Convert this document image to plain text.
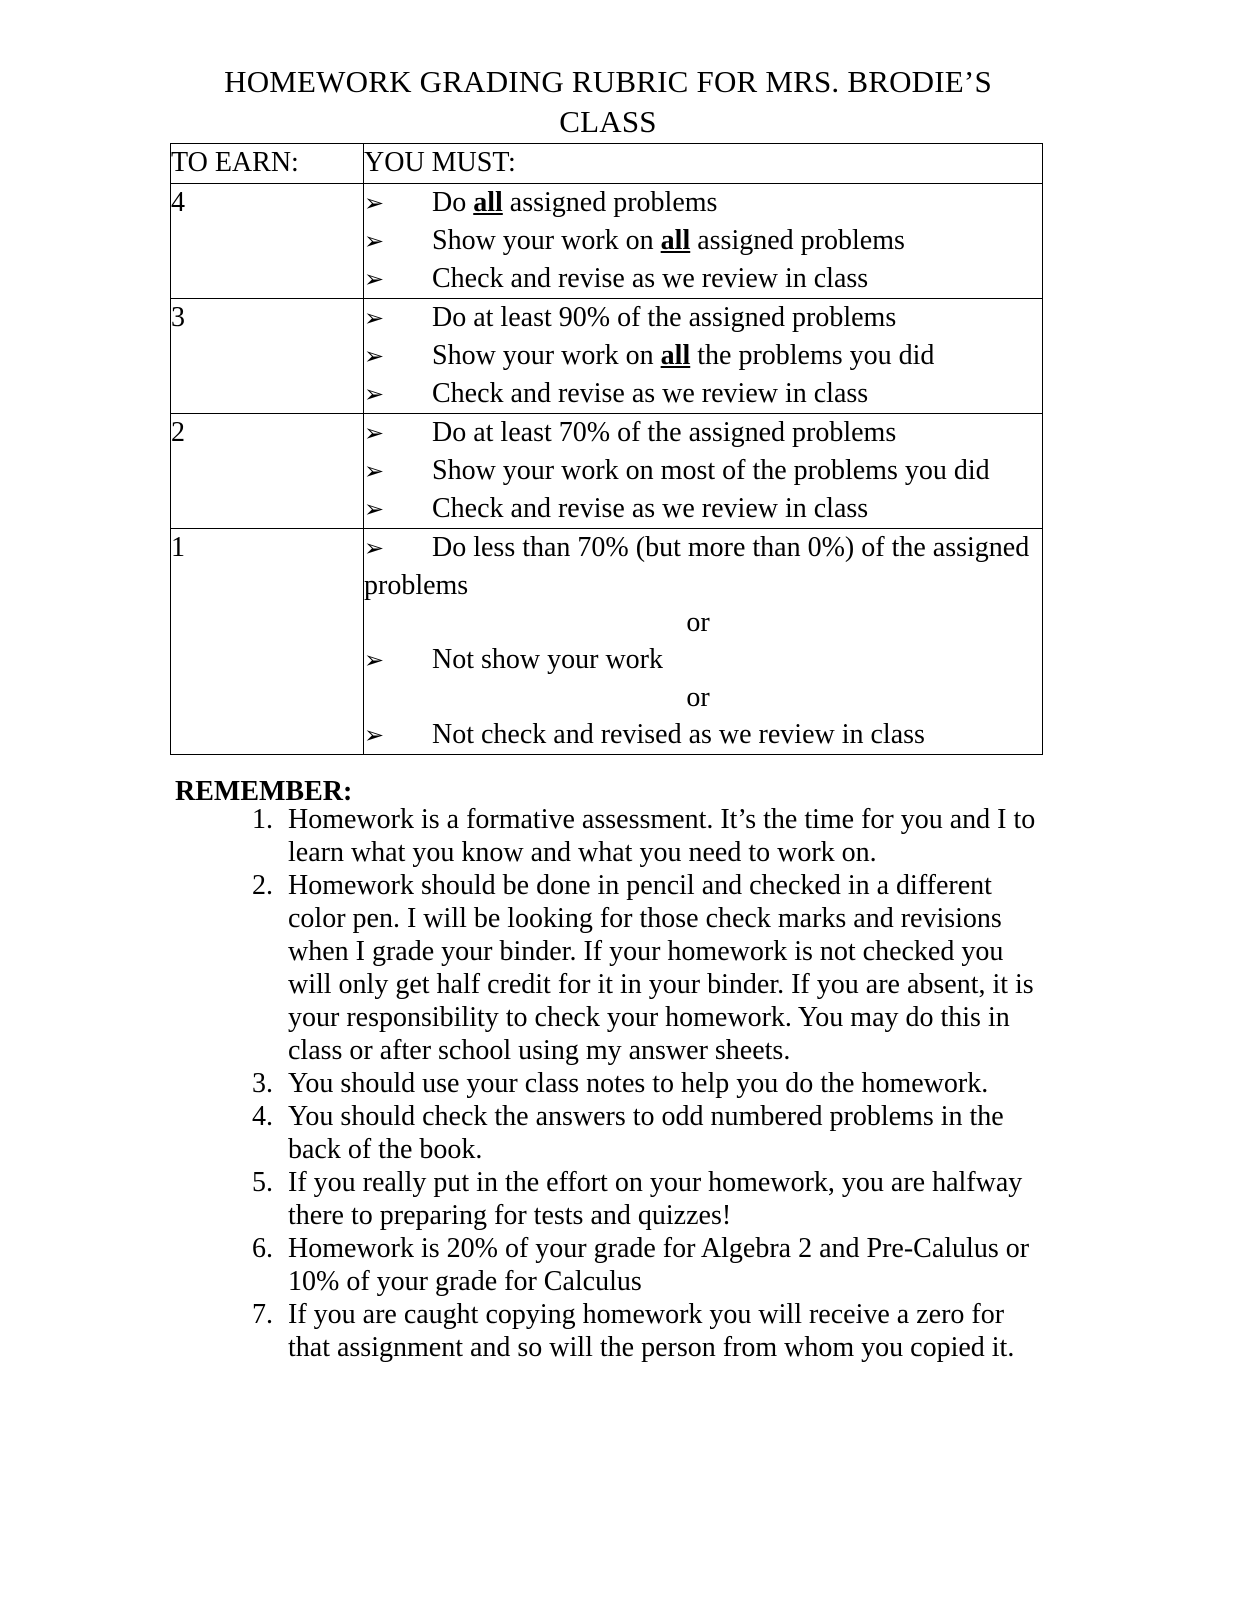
HOMEWORK GRADING RUBRIC FOR MRS. BRODIE’S
CLASS
TO EARN:	YOU MUST:
4	➢ Do all assigned problems
➢ Show your work on all assigned problems
➢ Check and revise as we review in class

3	➢ Do at least 90% of the assigned problems
➢ Show your work on all the problems you did
➢ Check and revise as we review in class

2	➢ Do at least 70% of the assigned problems
➢ Show your work on most of the problems you did
➢ Check and revise as we review in class

1	➢ Do less than 70% (but more than 0%) of the assigned problems
or
➢ Not show your work
or
➢ Not check and revised as we review in class
REMEMBER:
1. Homework is a formative assessment. It’s the time for you and I to learn what you know and what you need to work on.
2. Homework should be done in pencil and checked in a different color pen. I will be looking for those check marks and revisions when I grade your binder. If your homework is not checked you will only get half credit for it in your binder. If you are absent, it is your responsibility to check your homework. You may do this in class or after school using my answer sheets.
3. You should use your class notes to help you do the homework.
4. You should check the answers to odd numbered problems in the back of the book.
5. If you really put in the effort on your homework, you are halfway there to preparing for tests and quizzes!
6. Homework is 20% of your grade for Algebra 2 and Pre-Calulus or 10% of your grade for Calculus
7. If you are caught copying homework you will receive a zero for that assignment and so will the person from whom you copied it.
